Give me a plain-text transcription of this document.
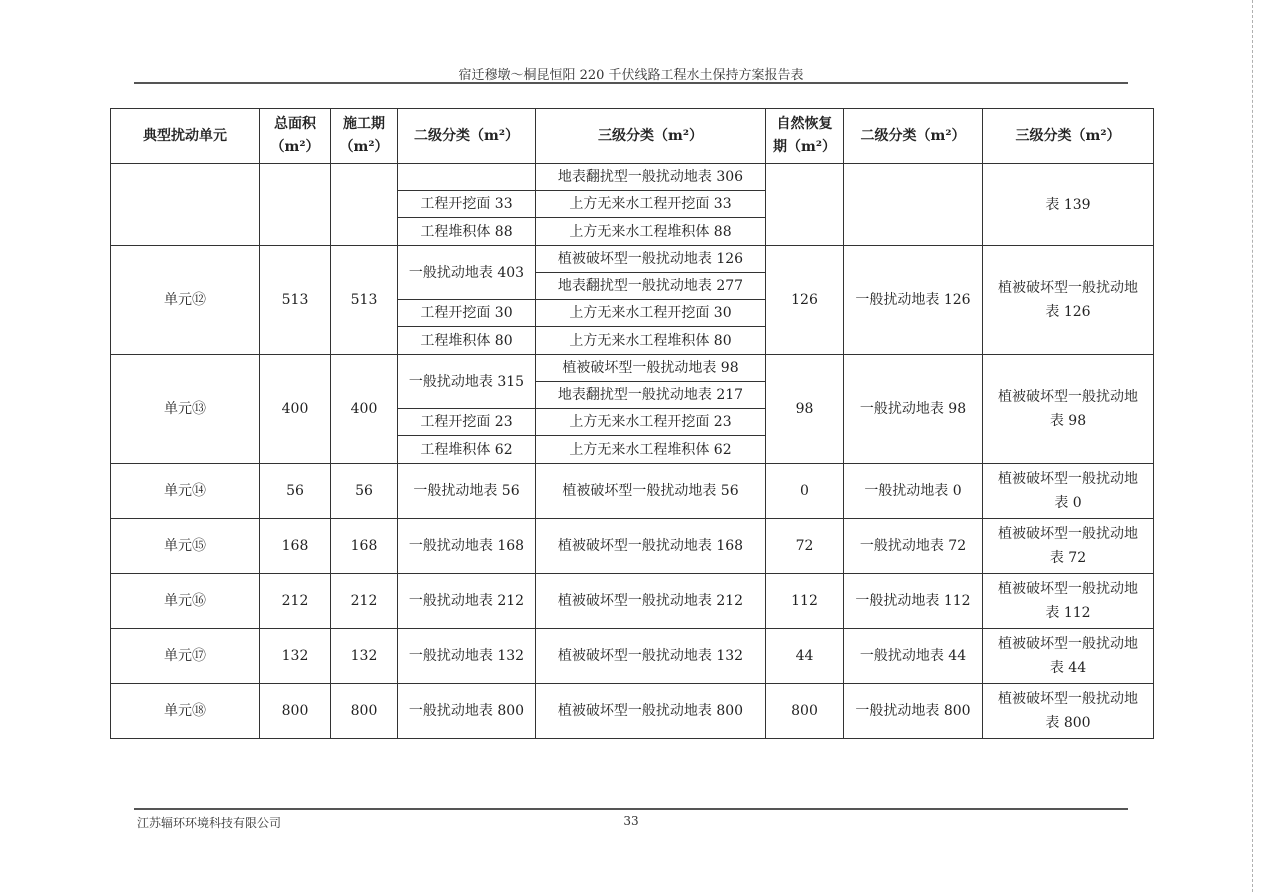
宿迁穆墩～桐昆恒阳 220 千伏线路工程水土保持方案报告表
典型扰动单元	总面积（m²）	施工期（m²）	二级分类（m²）	三级分类（m²）	自然恢复期（m²）	二级分类（m²）	三级分类（m²）
				地表翻扰型一般扰动地表 306			表 139
			工程开挖面 33	上方无来水工程开挖面 33			
			工程堆积体 88	上方无来水工程堆积体 88			
单元⑫	513	513	一般扰动地表 403	植被破坏型一般扰动地表 126	126	一般扰动地表 126	植被破坏型一般扰动地
表 126
				地表翻扰型一般扰动地表 277			
			工程开挖面 30	上方无来水工程开挖面 30			
			工程堆积体 80	上方无来水工程堆积体 80			
单元⑬	400	400	一般扰动地表 315	植被破坏型一般扰动地表 98	98	一般扰动地表 98	植被破坏型一般扰动地
表 98
				地表翻扰型一般扰动地表 217			
			工程开挖面 23	上方无来水工程开挖面 23			
			工程堆积体 62	上方无来水工程堆积体 62			
单元⑭	56	56	一般扰动地表 56	植被破坏型一般扰动地表 56	0	一般扰动地表 0	植被破坏型一般扰动地
表 0
单元⑮	168	168	一般扰动地表 168	植被破坏型一般扰动地表 168	72	一般扰动地表 72	植被破坏型一般扰动地
表 72
单元⑯	212	212	一般扰动地表 212	植被破坏型一般扰动地表 212	112	一般扰动地表 112	植被破坏型一般扰动地
表 112
单元⑰	132	132	一般扰动地表 132	植被破坏型一般扰动地表 132	44	一般扰动地表 44	植被破坏型一般扰动地
表 44
单元⑱	800	800	一般扰动地表 800	植被破坏型一般扰动地表 800	800	一般扰动地表 800	植被破坏型一般扰动地
表 800
江苏辐环环境科技有限公司	33
